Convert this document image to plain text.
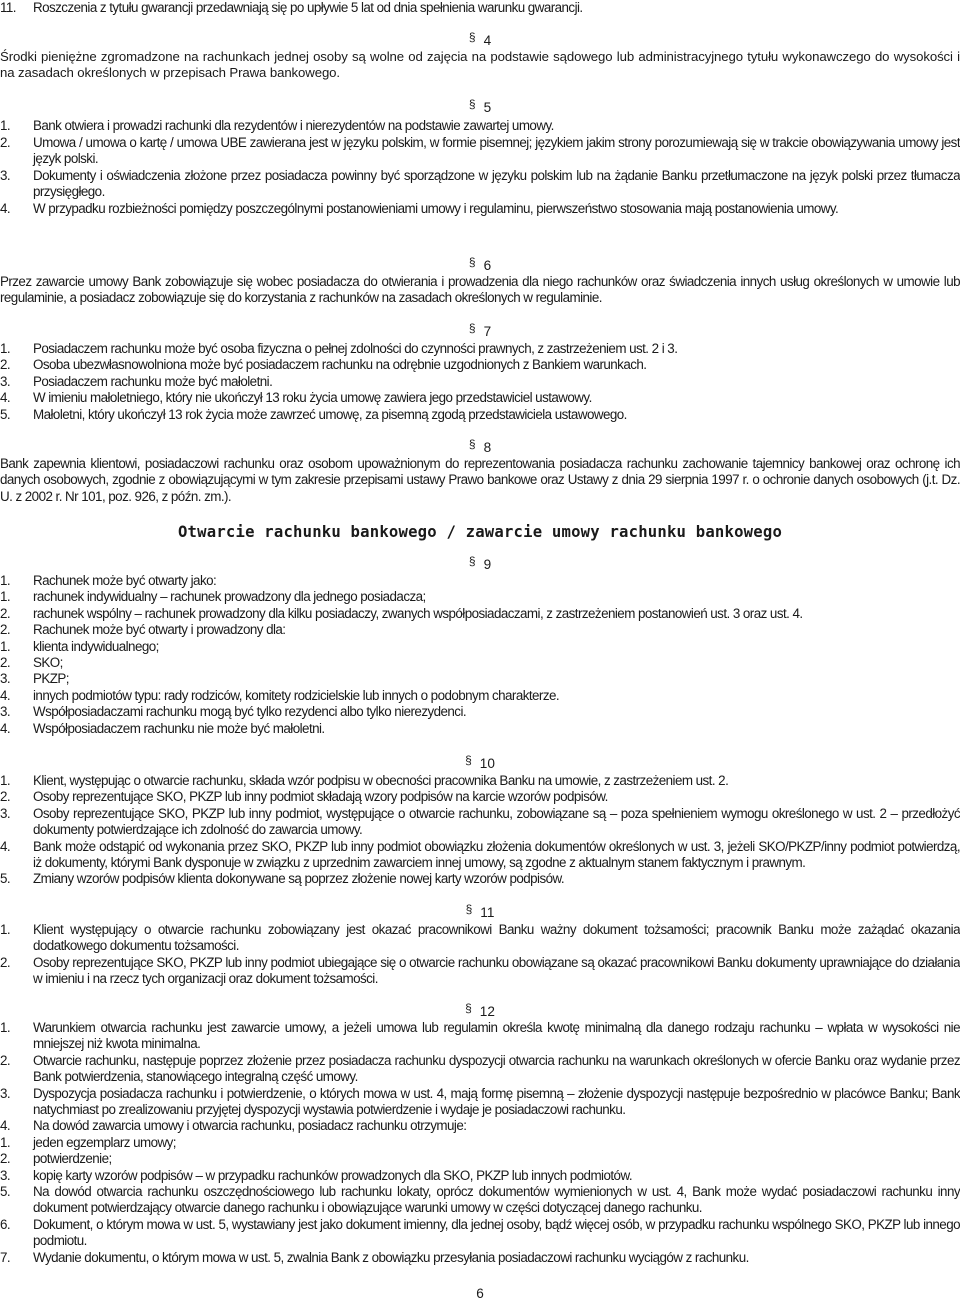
11.	Roszczenia z tytułu gwarancji przedawniają się po upływie 5 lat od dnia spełnienia warunku gwarancji.
§ 4

Środki pieniężne zgromadzone na rachunkach jednej osoby są wolne od zajęcia na podstawie sądowego lub administracyjnego tytułu wykonawczego do wysokości i na zasadach określonych w przepisach Prawa bankowego.

§ 5
1.	Bank otwiera i prowadzi rachunki dla rezydentów i nierezydentów na podstawie zawartej umowy.
2.	Umowa / umowa o kartę / umowa UBE zawierana jest w języku polskim, w formie pisemnej; językiem jakim strony porozumiewają się w trakcie obowiązywania umowy jest język polski.
3.	Dokumenty i oświadczenia złożone przez posiadacza powinny być sporządzone w języku polskim lub na żądanie Banku przetłumaczone na język polski przez tłumacza przysięgłego.
4.	W przypadku rozbieżności pomiędzy poszczególnymi postanowieniami umowy i regulaminu, pierwszeństwo stosowania mają postanowienia umowy.
§ 6

Przez zawarcie umowy Bank zobowiązuje się wobec posiadacza do otwierania i prowadzenia dla niego rachunków oraz świadczenia innych usług określonych w umowie lub regulaminie, a posiadacz zobowiązuje się do korzystania z rachunków na zasadach określonych w regulaminie.

§ 7
1.	Posiadaczem rachunku może być osoba fizyczna o pełnej zdolności do czynności prawnych, z zastrzeżeniem ust. 2 i 3.
2.	Osoba ubezwłasnowolniona może być posiadaczem rachunku na odrębnie uzgodnionych z Bankiem warunkach.
3.	Posiadaczem rachunku może być małoletni.
4.	W imieniu małoletniego, który nie ukończył 13 roku życia umowę zawiera jego przedstawiciel ustawowy.
5.	Małoletni, który ukończył 13 rok życia może zawrzeć umowę, za pisemną zgodą przedstawiciela ustawowego.
§ 8

Bank zapewnia klientowi, posiadaczowi rachunku oraz osobom upoważnionym do reprezentowania posiadacza rachunku zachowanie tajemnicy bankowej oraz ochronę ich danych osobowych, zgodnie z obowiązującymi w tym zakresie przepisami ustawy Prawo bankowe oraz Ustawy z dnia 29 sierpnia 1997 r. o ochronie danych osobowych (j.t. Dz. U. z 2002 r. Nr 101, poz. 926, z późn. zm.).

Otwarcie rachunku bankowego / zawarcie umowy rachunku bankowego
§ 9
1.	Rachunek może być otwarty jako:
1.	rachunek indywidualny – rachunek prowadzony dla jednego posiadacza;
2.	rachunek wspólny – rachunek prowadzony dla kilku posiadaczy, zwanych współposiadaczami, z zastrzeżeniem postanowień ust. 3 oraz ust. 4.
2.	Rachunek może być otwarty i prowadzony dla:
1.	klienta indywidualnego;
2.	SKO;
3.	PKZP;
4.	innych podmiotów typu: rady rodziców, komitety rodzicielskie lub innych o podobnym charakterze.
3.	Współposiadaczami rachunku mogą być tylko rezydenci albo tylko nierezydenci.
4.	Współposiadaczem rachunku nie może być małoletni.
§ 10
1.	Klient, występując o otwarcie rachunku, składa wzór podpisu w obecności pracownika Banku na umowie, z zastrzeżeniem ust. 2.
2.	Osoby reprezentujące SKO, PKZP lub inny podmiot składają wzory podpisów na karcie wzorów podpisów.
3.	Osoby reprezentujące SKO, PKZP lub inny podmiot, występujące o otwarcie rachunku, zobowiązane są – poza spełnieniem wymogu określonego w ust. 2 – przedłożyć dokumenty potwierdzające ich zdolność do zawarcia umowy.
4.	Bank może odstąpić od wykonania przez SKO, PKZP lub inny podmiot obowiązku złożenia dokumentów określonych w ust. 3, jeżeli SKO/PKZP/inny podmiot potwierdzą, iż dokumenty, którymi Bank dysponuje w związku z uprzednim zawarciem innej umowy, są zgodne z aktualnym stanem faktycznym i prawnym.
5.	Zmiany wzorów podpisów klienta dokonywane są poprzez złożenie nowej karty wzorów podpisów.
§ 11
1.	Klient występujący o otwarcie rachunku zobowiązany jest okazać pracownikowi Banku ważny dokument tożsamości; pracownik Banku może zażądać okazania dodatkowego dokumentu tożsamości.
2.	Osoby reprezentujące SKO, PKZP lub inny podmiot ubiegające się o otwarcie rachunku obowiązane są okazać pracownikowi Banku dokumenty uprawniające do działania w imieniu i na rzecz tych organizacji oraz dokument tożsamości.
§ 12
1.	Warunkiem otwarcia rachunku jest zawarcie umowy, a jeżeli umowa lub regulamin określa kwotę minimalną dla danego rodzaju rachunku – wpłata w wysokości nie mniejszej niż kwota minimalna.
2.	Otwarcie rachunku, następuje poprzez złożenie przez posiadacza rachunku dyspozycji otwarcia rachunku na warunkach określonych w ofercie Banku oraz wydanie przez Bank potwierdzenia, stanowiącego integralną część umowy.
3.	Dyspozycja posiadacza rachunku i potwierdzenie, o których mowa w ust. 4, mają formę pisemną – złożenie dyspozycji następuje bezpośrednio w placówce Banku; Bank natychmiast po zrealizowaniu przyjętej dyspozycji wystawia potwierdzenie i wydaje je posiadaczowi rachunku.
4.	Na dowód zawarcia umowy i otwarcia rachunku, posiadacz rachunku otrzymuje:
1.	jeden egzemplarz umowy;
2.	potwierdzenie;
3.	kopię karty wzorów podpisów – w przypadku rachunków prowadzonych dla SKO, PKZP lub innych podmiotów.
5.	Na dowód otwarcia rachunku oszczędnościowego lub rachunku lokaty, oprócz dokumentów wymienionych w ust. 4, Bank może wydać posiadaczowi rachunku inny dokument potwierdzający otwarcie danego rachunku i obowiązujące warunki umowy w części dotyczącej danego rachunku.
6.	Dokument, o którym mowa w ust. 5, wystawiany jest jako dokument imienny, dla jednej osoby, bądź więcej osób, w przypadku rachunku wspólnego SKO, PKZP lub innego podmiotu.
7.	Wydanie dokumentu, o którym mowa w ust. 5, zwalnia Bank z obowiązku przesyłania posiadaczowi rachunku wyciągów z rachunku.
6
